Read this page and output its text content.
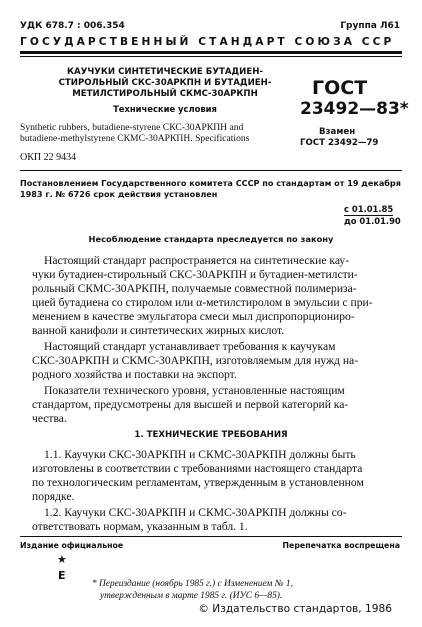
УДК 678.7 : 006.354	Группа Л61
ГОСУДАРСТВЕННЫЙ СТАНДАРТ СОЮЗА ССР
КАУЧУКИ СИНТЕТИЧЕСКИЕ БУТАДИЕН-
СТИРОЛЬНЫЙ СКС-30АРКПН И БУТАДИЕН-
МЕТИЛСТИРОЛЬНЫЙ СКМС-30АРКПН
Технические условия
Synthetic rubbers, butadiene-styrene СКС-30АРКПН and
butadiene-methylstyrene СКМС-30АРКПН. Specifications
ОКП 22 9434
ГОСТ
23492—83*
Взамен
ГОСТ 23492—79
Постановлением Государственного комитета СССР по стандартам от 19 декабря
1983 г. № 6726 срок действия установлен
с 01.01.85
до 01.01.90
Несоблюдение стандарта преследуется по закону
Настоящий стандарт распространяется на синтетические кау-
чуки бутадиен-стирольный СКС-30АРКПН и бутадиен-метилсти-
рольный СКМС-30АРКПН, получаемые совместной полимериза-
цией бутадиена со стиролом или α-метилстиролом в эмульсии с при-
менением в качестве эмульгатора смеси мыл диспропорциониро-
ванной канифоли и синтетических жирных кислот.
Настоящий стандарт устанавливает требования к каучукам
СКС-30АРКПН и СКМС-30АРКПН, изготовляемым для нужд на-
родного хозяйства и поставки на экспорт.
Показатели технического уровня, установленные настоящим
стандартом, предусмотрены для высшей и первой категорий ка-
чества.
1. ТЕХНИЧЕСКИЕ ТРЕБОВАНИЯ
1.1. Каучуки СКС-30АРКПН и СКМС-30АРКПН должны быть
изготовлены в соответствии с требованиями настоящего стандарта
по технологическим регламентам, утвержденным в установленном
порядке.
1.2. Каучуки СКС-30АРКПН и СКМС-30АРКПН должны со-
ответствовать нормам, указанным в табл. 1.
Издание официальное	Перепечатка воспрещена
★
Е
* Переиздание (ноябрь 1985 г.) с Изменением № 1,
утвержденным в марте 1985 г. (ИУС 6—85).
© Издательство стандартов, 1986
